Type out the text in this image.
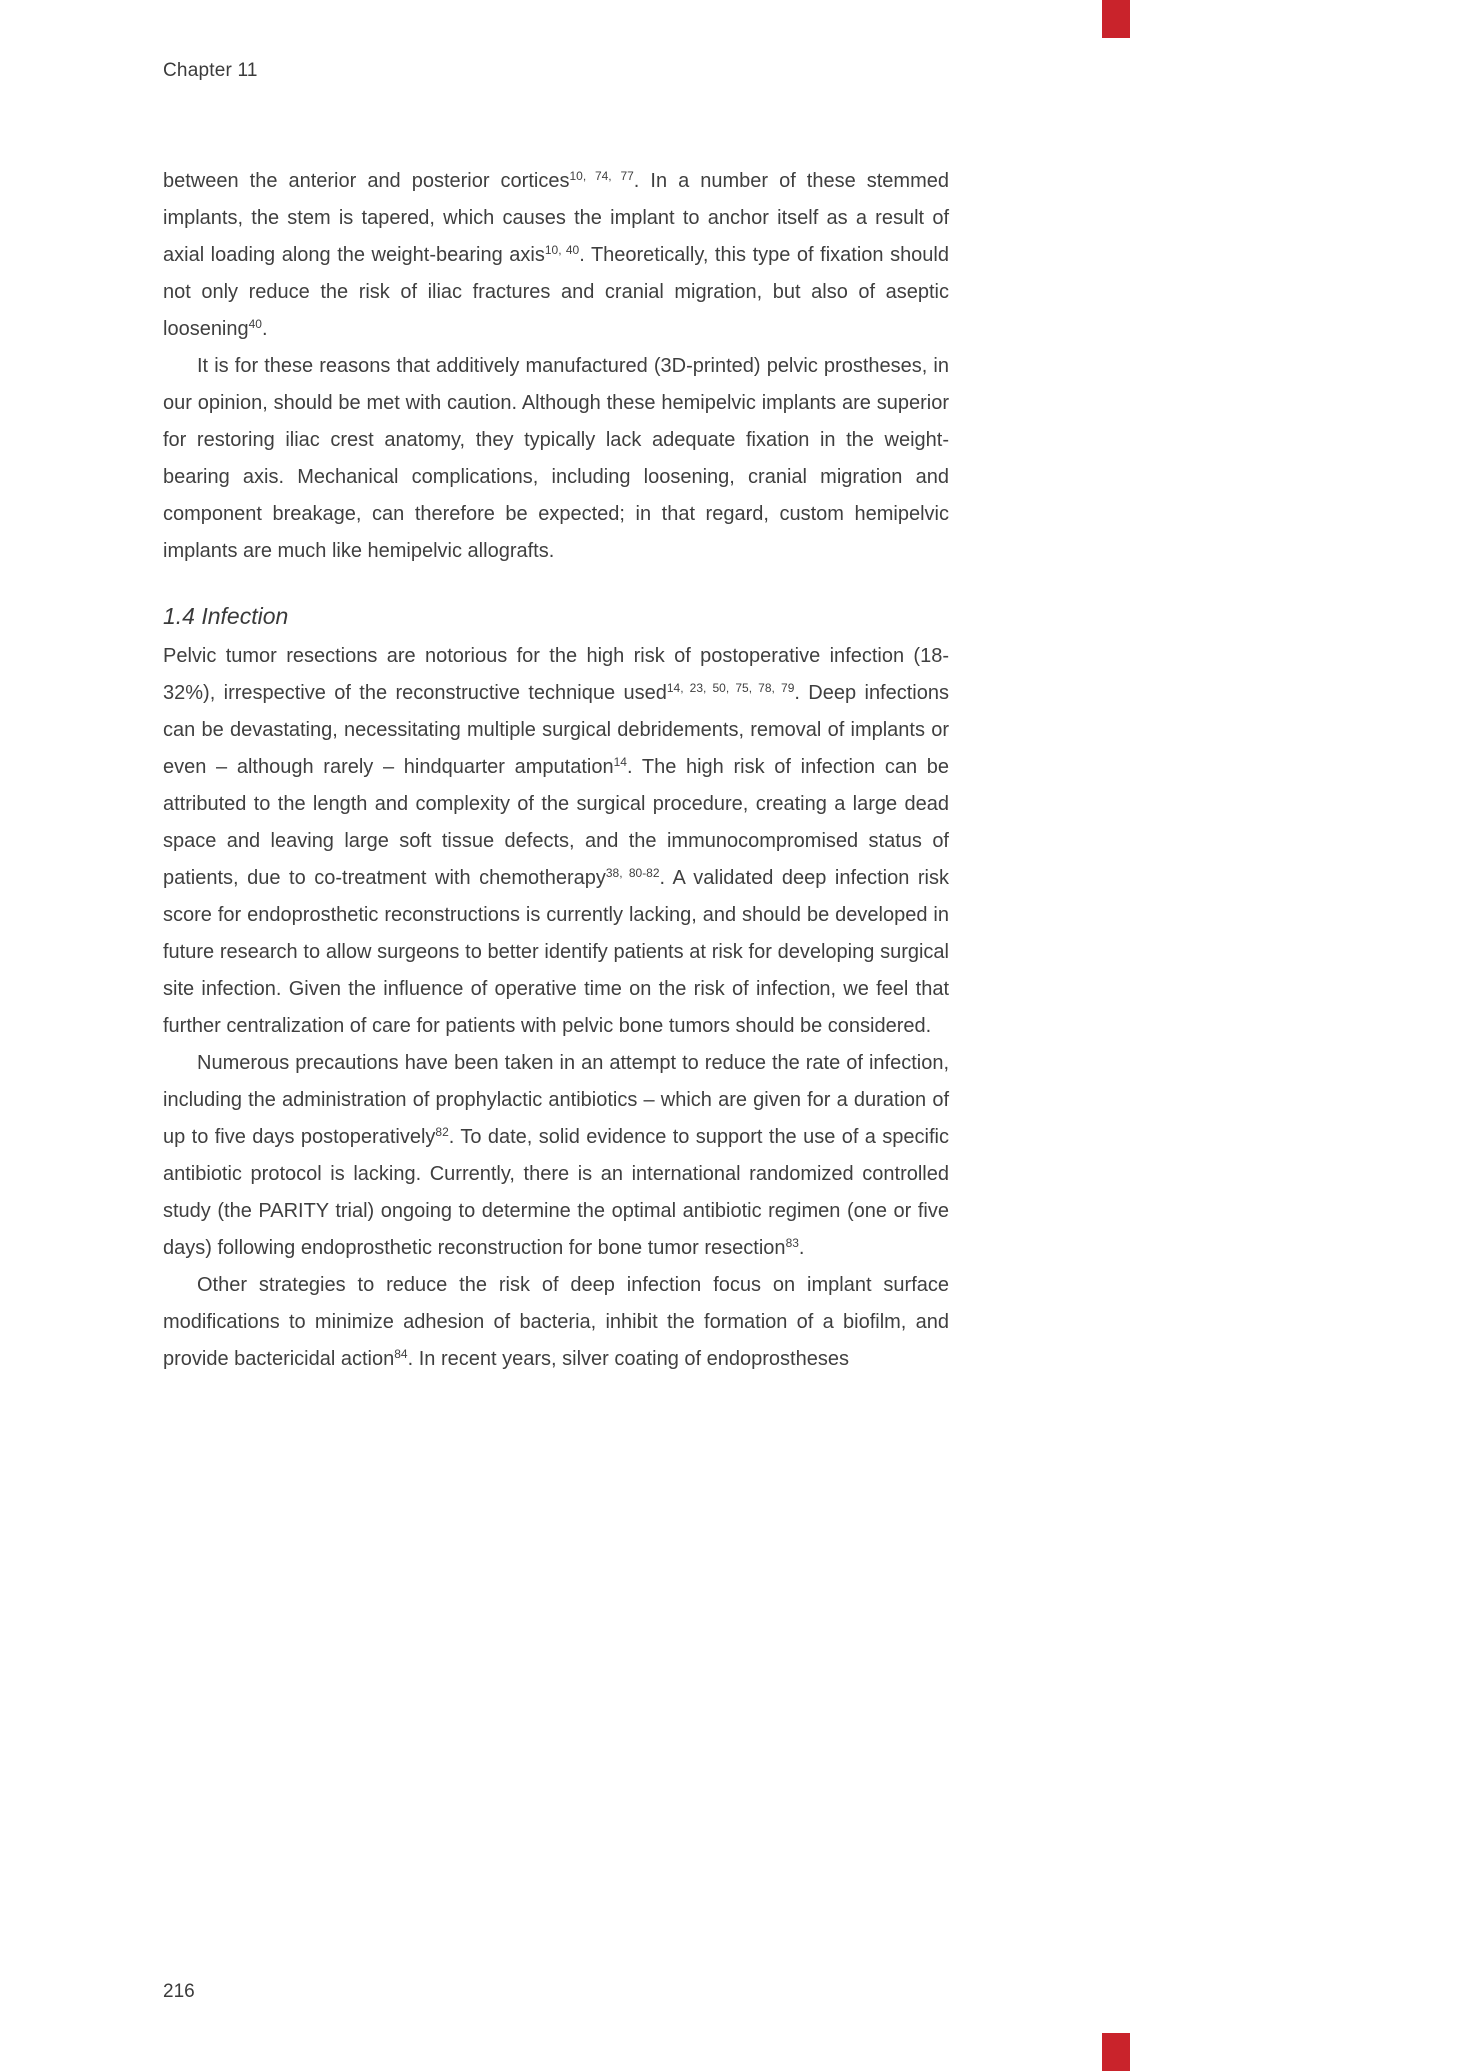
Chapter 11

between the anterior and posterior cortices$^{10, 74, 77}$. In a number of these stemmed implants, the stem is tapered, which causes the implant to anchor itself as a result of axial loading along the weight-bearing axis$^{10, 40}$. Theoretically, this type of fixation should not only reduce the risk of iliac fractures and cranial migration, but also of aseptic loosening$^{40}$.

It is for these reasons that additively manufactured (3D-printed) pelvic prostheses, in our opinion, should be met with caution. Although these hemipelvic implants are superior for restoring iliac crest anatomy, they typically lack adequate fixation in the weight-bearing axis. Mechanical complications, including loosening, cranial migration and component breakage, can therefore be expected; in that regard, custom hemipelvic implants are much like hemipelvic allografts.

1.4 Infection

Pelvic tumor resections are notorious for the high risk of postoperative infection (18-32%), irrespective of the reconstructive technique used$^{14, 23, 50, 75, 78, 79}$. Deep infections can be devastating, necessitating multiple surgical debridements, removal of implants or even – although rarely – hindquarter amputation$^{14}$. The high risk of infection can be attributed to the length and complexity of the surgical procedure, creating a large dead space and leaving large soft tissue defects, and the immunocompromised status of patients, due to co-treatment with chemotherapy$^{38, 80-82}$. A validated deep infection risk score for endoprosthetic reconstructions is currently lacking, and should be developed in future research to allow surgeons to better identify patients at risk for developing surgical site infection. Given the influence of operative time on the risk of infection, we feel that further centralization of care for patients with pelvic bone tumors should be considered.

Numerous precautions have been taken in an attempt to reduce the rate of infection, including the administration of prophylactic antibiotics – which are given for a duration of up to five days postoperatively$^{82}$. To date, solid evidence to support the use of a specific antibiotic protocol is lacking. Currently, there is an international randomized controlled study (the PARITY trial) ongoing to determine the optimal antibiotic regimen (one or five days) following endoprosthetic reconstruction for bone tumor resection$^{83}$.

Other strategies to reduce the risk of deep infection focus on implant surface modifications to minimize adhesion of bacteria, inhibit the formation of a biofilm, and provide bactericidal action$^{84}$. In recent years, silver coating of endoprostheses

216
